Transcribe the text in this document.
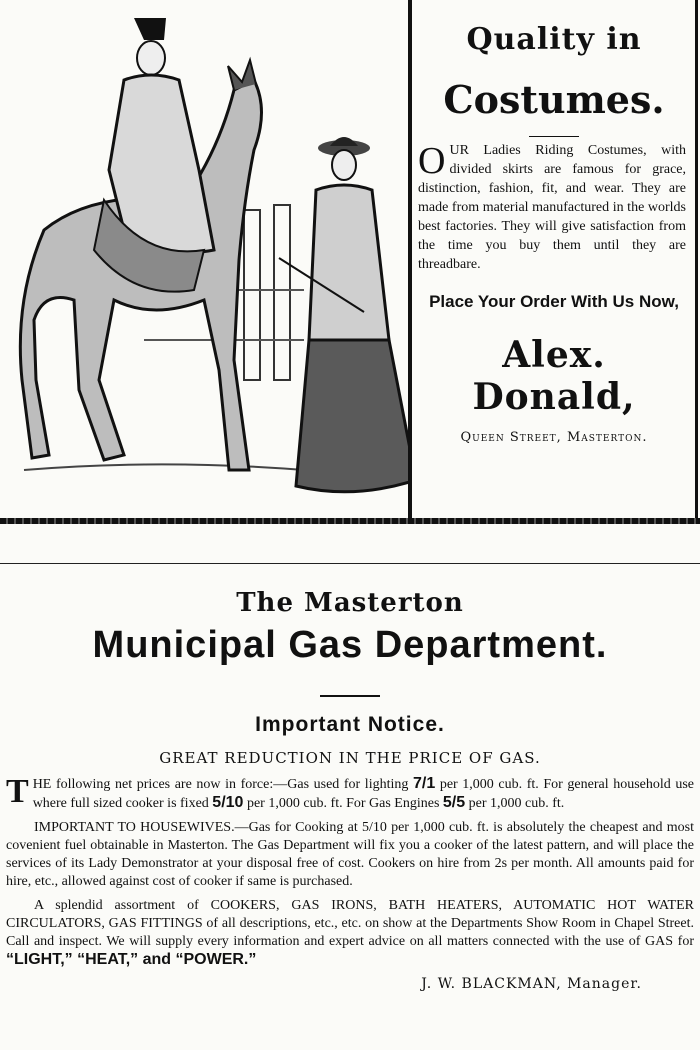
Quality in
Costumes.
OUR Ladies Riding Costumes, with divided skirts are famous for grace, distinction, fashion, fit, and wear. They are made from material manufactured in the worlds best factories. They will give satisfaction from the time you buy them until they are threadbare.
Place Your Order With Us Now,
Alex. Donald,
Queen Street, Masterton.
The Masterton
Municipal Gas Department.
Important Notice.
GREAT REDUCTION IN THE PRICE OF GAS.

THE following net prices are now in force:—Gas used for lighting 7/1 per 1,000 cub. ft. For general household use where full sized cooker is fixed 5/10 per 1,000 cub. ft. For Gas Engines 5/5 per 1,000 cub. ft.

IMPORTANT TO HOUSEWIVES.—Gas for Cooking at 5/10 per 1,000 cub. ft. is absolutely the cheapest and most covenient fuel obtainable in Masterton. The Gas Department will fix you a cooker of the latest pattern, and will place the services of its Lady Demonstrator at your disposal free of cost. Cookers on hire from 2s per month. All amounts paid for hire, etc., allowed against cost of cooker if same is purchased.

A splendid assortment of COOKERS, GAS IRONS, BATH HEATERS, AUTOMATIC HOT WATER CIRCULATORS, GAS FITTINGS of all descriptions, etc., etc. on show at the Departments Show Room in Chapel Street. Call and inspect. We will supply every information and expert advice on all matters connected with the use of GAS for “LIGHT,” “HEAT,” and “POWER.”

J. W. BLACKMAN, Manager.
